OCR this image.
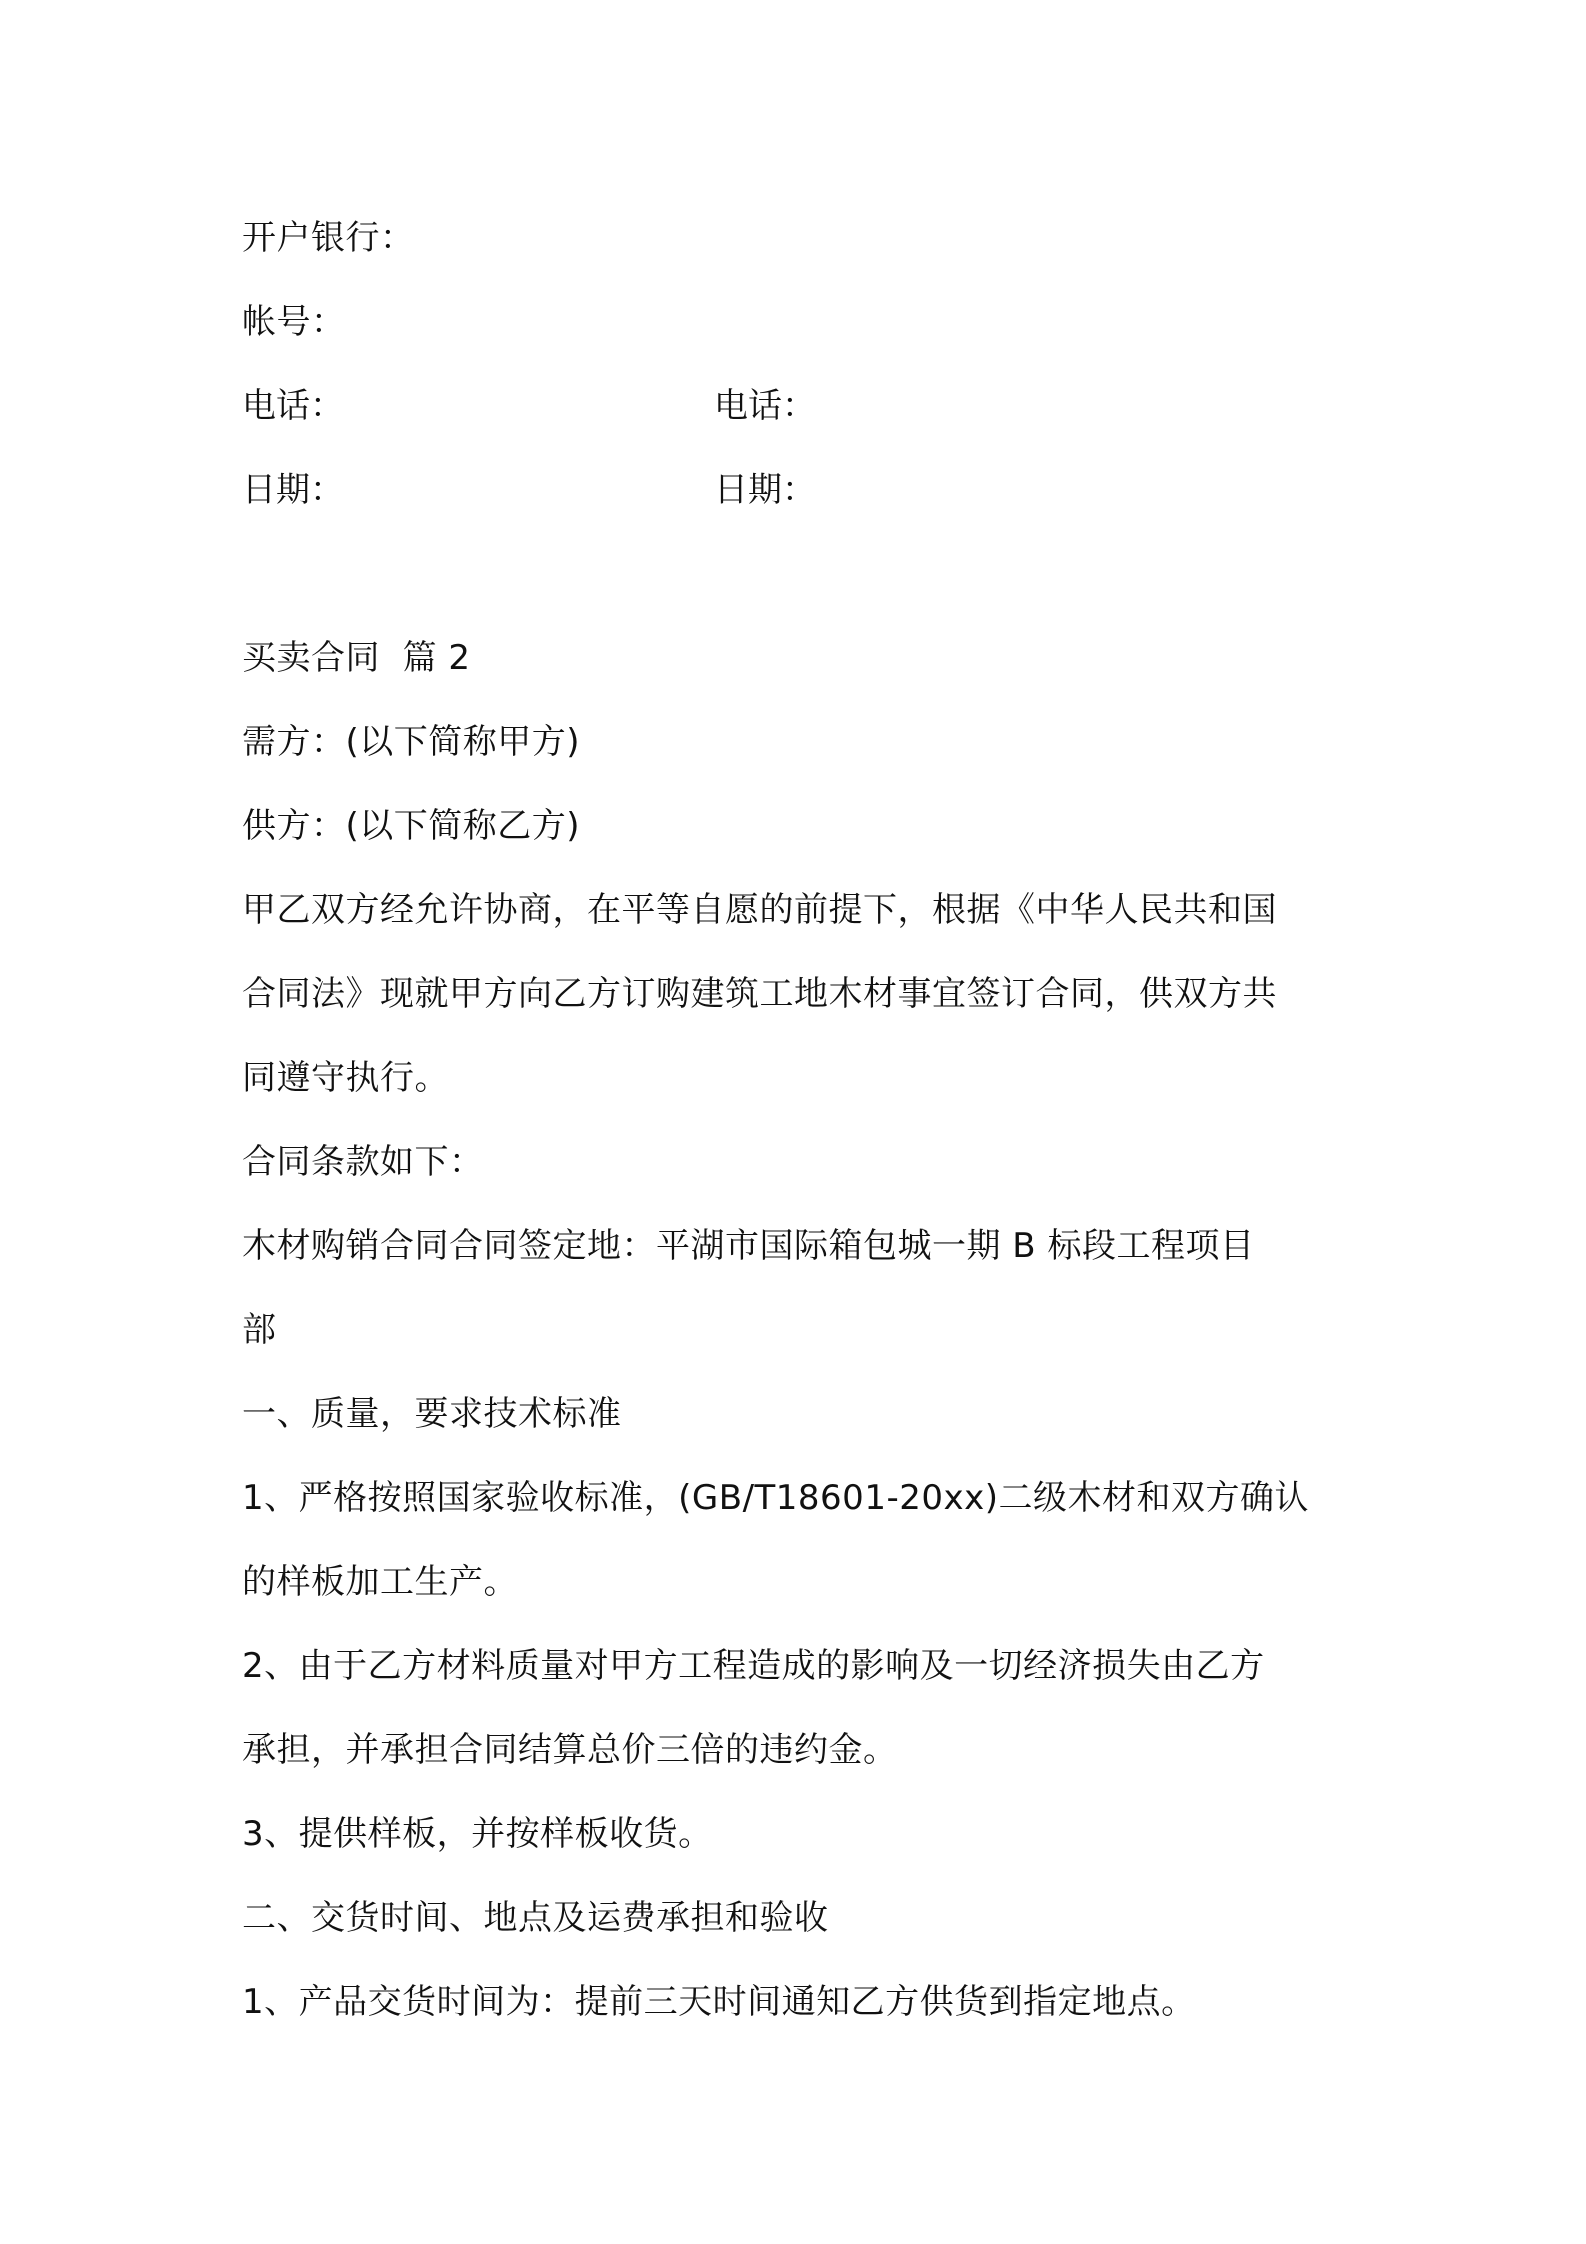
开户银行：
帐号：
电话：	电话：
日期：	日期：
买卖合同  篇 2
需方：(以下简称甲方)
供方：(以下简称乙方)
甲乙双方经允许协商，在平等自愿的前提下，根据《中华人民共和国
合同法》现就甲方向乙方订购建筑工地木材事宜签订合同，供双方共
同遵守执行。
合同条款如下：
木材购销合同合同签定地：平湖市国际箱包城一期 B 标段工程项目
部
一、质量，要求技术标准
1、严格按照国家验收标准，(GB/T18601-20xx)二级木材和双方确认
的样板加工生产。
2、由于乙方材料质量对甲方工程造成的影响及一切经济损失由乙方
承担，并承担合同结算总价三倍的违约金。
3、提供样板，并按样板收货。
二、交货时间、地点及运费承担和验收
1、产品交货时间为：提前三天时间通知乙方供货到指定地点。
